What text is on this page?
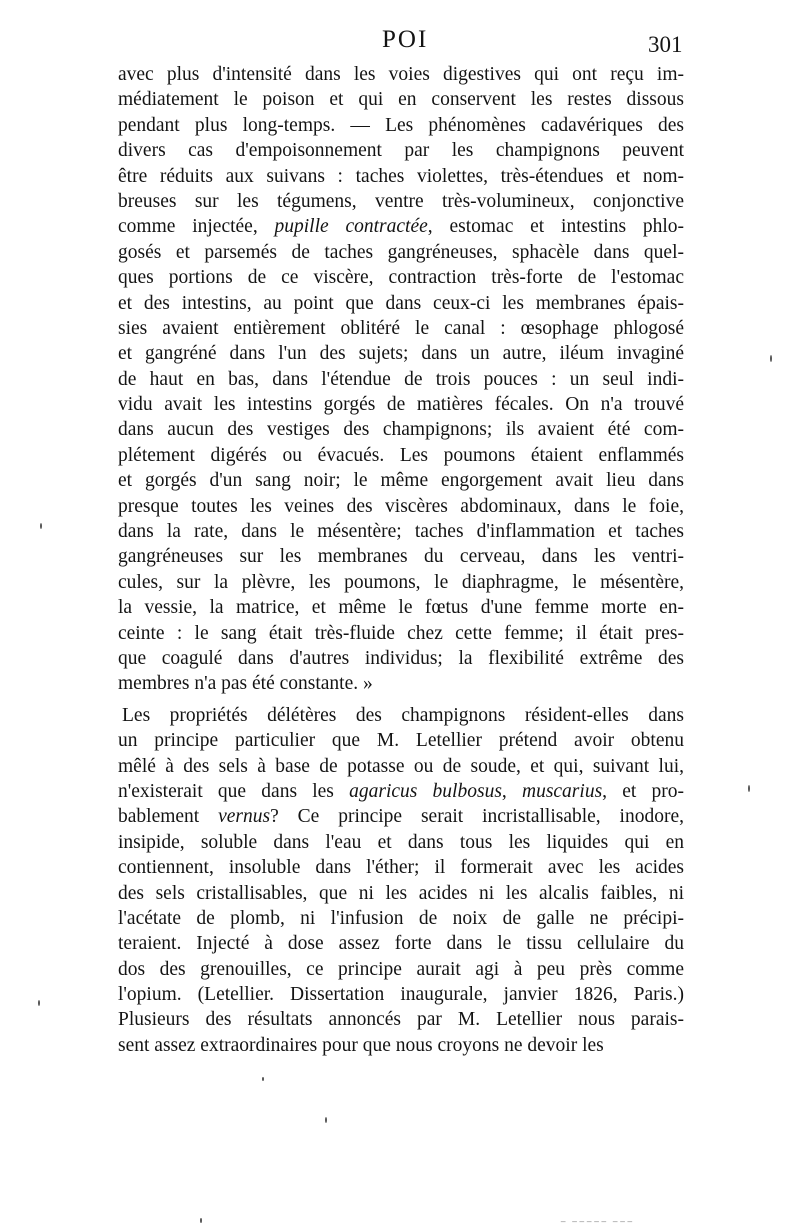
POI	301
avec plus d'intensité dans les voies digestives qui ont reçu im-
médiatement le poison et qui en conservent les restes dissous
pendant plus long-temps. — Les phénomènes cadavériques des
divers cas d'empoisonnement par les champignons peuvent
être réduits aux suivans : taches violettes, très-étendues et nom-
breuses sur les tégumens, ventre très-volumineux, conjonctive
comme injectée, pupille contractée, estomac et intestins phlo-
gosés et parsemés de taches gangréneuses, sphacèle dans quel-
ques portions de ce viscère, contraction très-forte de l'estomac
et des intestins, au point que dans ceux-ci les membranes épais-
sies avaient entièrement oblitéré le canal : œsophage phlogosé
et gangréné dans l'un des sujets; dans un autre, iléum invaginé
de haut en bas, dans l'étendue de trois pouces : un seul indi-
vidu avait les intestins gorgés de matières fécales. On n'a trouvé
dans aucun des vestiges des champignons; ils avaient été com-
plétement digérés ou évacués. Les poumons étaient enflammés
et gorgés d'un sang noir; le même engorgement avait lieu dans
presque toutes les veines des viscères abdominaux, dans le foie,
dans la rate, dans le mésentère; taches d'inflammation et taches
gangréneuses sur les membranes du cerveau, dans les ventri-
cules, sur la plèvre, les poumons, le diaphragme, le mésentère,
la vessie, la matrice, et même le fœtus d'une femme morte en-
ceinte : le sang était très-fluide chez cette femme; il était pres-
que coagulé dans d'autres individus; la flexibilité extrême des
membres n'a pas été constante. »
Les propriétés délétères des champignons résident-elles dans
un principe particulier que M. Letellier prétend avoir obtenu
mêlé à des sels à base de potasse ou de soude, et qui, suivant lui,
n'existerait que dans les agaricus bulbosus, muscarius, et pro-
bablement vernus? Ce principe serait incristallisable, inodore,
insipide, soluble dans l'eau et dans tous les liquides qui en
contiennent, insoluble dans l'éther; il formerait avec les acides
des sels cristallisables, que ni les acides ni les alcalis faibles, ni
l'acétate de plomb, ni l'infusion de noix de galle ne précipi-
teraient. Injecté à dose assez forte dans le tissu cellulaire du
dos des grenouilles, ce principe aurait agi à peu près comme
l'opium. (Letellier. Dissertation inaugurale, janvier 1826, Paris.)
Plusieurs des résultats annoncés par M. Letellier nous parais-
sent assez extraordinaires pour que nous croyons ne devoir les
⁻ ⁻⁻⁻⁻⁻ ⁻⁻⁻
